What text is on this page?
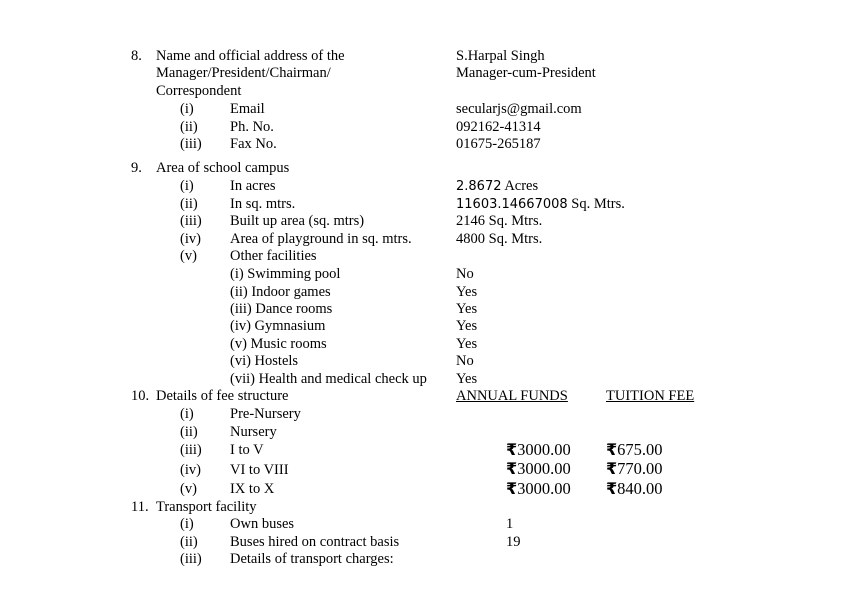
8. Name and official address of the
Manager/President/Chairman/
Correspondent
S.Harpal Singh
Manager-cum-President
(i)	Email	secularjs@gmail.com
(ii) Ph. No.	092162-41314
(iii) Fax No.	01675-265187
9. Area of school campus
(i)	In acres	2.8672 Acres
(ii) In sq. mtrs.	11603.14667008 Sq. Mtrs.
(iii) Built up area (sq. mtrs)	2146 Sq. Mtrs.
(iv) Area of playground in sq. mtrs.	4800 Sq. Mtrs.
(v) Other facilities
(i) Swimming pool	No
(ii) Indoor games	Yes
(iii) Dance rooms	Yes
(iv) Gymnasium	Yes
(v) Music rooms	Yes
(vi) Hostels	No
(vii) Health and medical check up Yes
10. Details of fee structure	ANNUAL FUNDS	TUITION FEE
(i)	Pre-Nursery
(ii) Nursery
(iii) I to V	₹3000.00 ₹675.00
(iv) VI to VIII	₹3000.00 ₹770.00
(v) IX to X	₹3000.00 ₹840.00
11. Transport facility
(i)	Own buses	1
(ii) Buses hired on contract basis	19
(iii) Details of transport charges:
